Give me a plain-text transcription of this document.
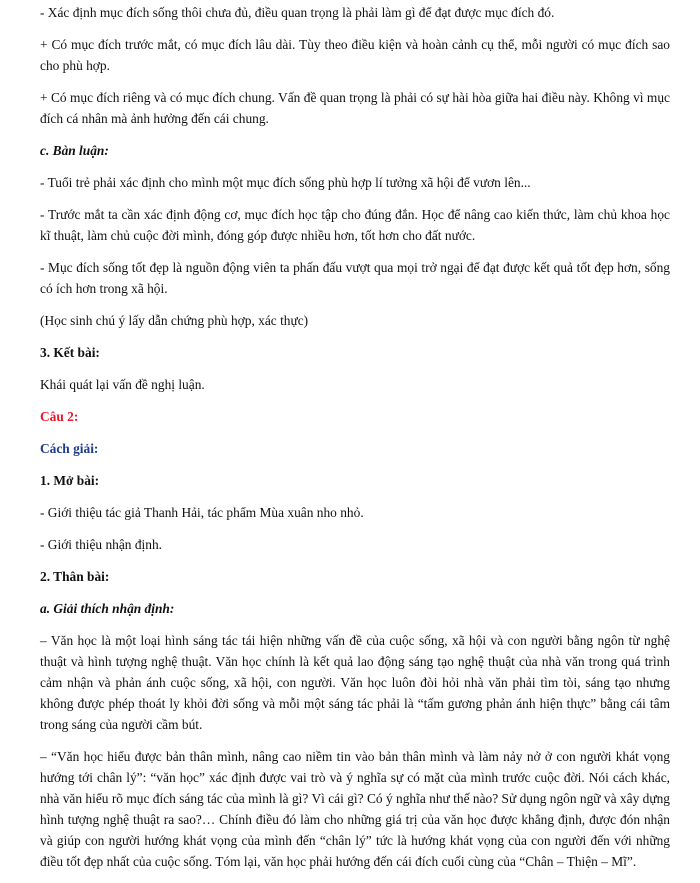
- Xác định mục đích sống thôi chưa đủ, điều quan trọng là phải làm gì để đạt được mục đích đó.

+ Có mục đích trước mắt, có mục đích lâu dài. Tùy theo điều kiện và hoàn cảnh cụ thể, mỗi người có mục đích sao cho phù hợp.

+ Có mục đích riêng và có mục đích chung. Vấn đề quan trọng là phải có sự hài hòa giữa hai điều này. Không vì mục đích cá nhân mà ảnh hưởng đến cái chung.

c. Bàn luận:

- Tuổi trẻ phải xác định cho mình một mục đích sống phù hợp lí tưởng xã hội để vươn lên...

- Trước mắt ta cần xác định động cơ, mục đích học tập cho đúng đắn. Học để nâng cao kiến thức, làm chủ khoa học kĩ thuật, làm chủ cuộc đời mình, đóng góp được nhiều hơn, tốt hơn cho đất nước.

- Mục đích sống tốt đẹp là nguồn động viên ta phấn đấu vượt qua mọi trở ngại để đạt được kết quả tốt đẹp hơn, sống có ích hơn trong xã hội.

(Học sinh chú ý lấy dẫn chứng phù hợp, xác thực)

3. Kết bài:

Khái quát lại vấn đề nghị luận.

Câu 2:

Cách giải:

1. Mở bài:

- Giới thiệu tác giả Thanh Hải, tác phẩm Mùa xuân nho nhỏ.

- Giới thiệu nhận định.

2. Thân bài:

a. Giải thích nhận định:

– Văn học là một loại hình sáng tác tái hiện những vấn đề của cuộc sống, xã hội và con người bằng ngôn từ nghệ thuật và hình tượng nghệ thuật. Văn học chính là kết quả lao động sáng tạo nghệ thuật của nhà văn trong quá trình cảm nhận và phản ánh cuộc sống, xã hội, con người. Văn học luôn đòi hỏi nhà văn phải tìm tòi, sáng tạo nhưng không được phép thoát ly khỏi đời sống và mỗi một sáng tác phải là “tấm gương phản ánh hiện thực” bằng cái tâm trong sáng của người cầm bút.

– “Văn học hiểu được bản thân mình, nâng cao niềm tin vào bản thân mình và làm nảy nở ở con người khát vọng hướng tới chân lý”: “văn học” xác định được vai trò và ý nghĩa sự có mặt của mình trước cuộc đời. Nói cách khác, nhà văn hiểu rõ mục đích sáng tác của mình là gì? Vì cái gì? Có ý nghĩa như thế nào? Sử dụng ngôn ngữ và xây dựng hình tượng nghệ thuật ra sao?… Chính điều đó làm cho những giá trị của văn học được khẳng định, được đón nhận và giúp con người hướng khát vọng của mình đến “chân lý” tức là hướng khát vọng của con người đến với những điều tốt đẹp nhất của cuộc sống. Tóm lại, văn học phải hướng đến cái đích cuối cùng của “Chân – Thiện – Mĩ”.
